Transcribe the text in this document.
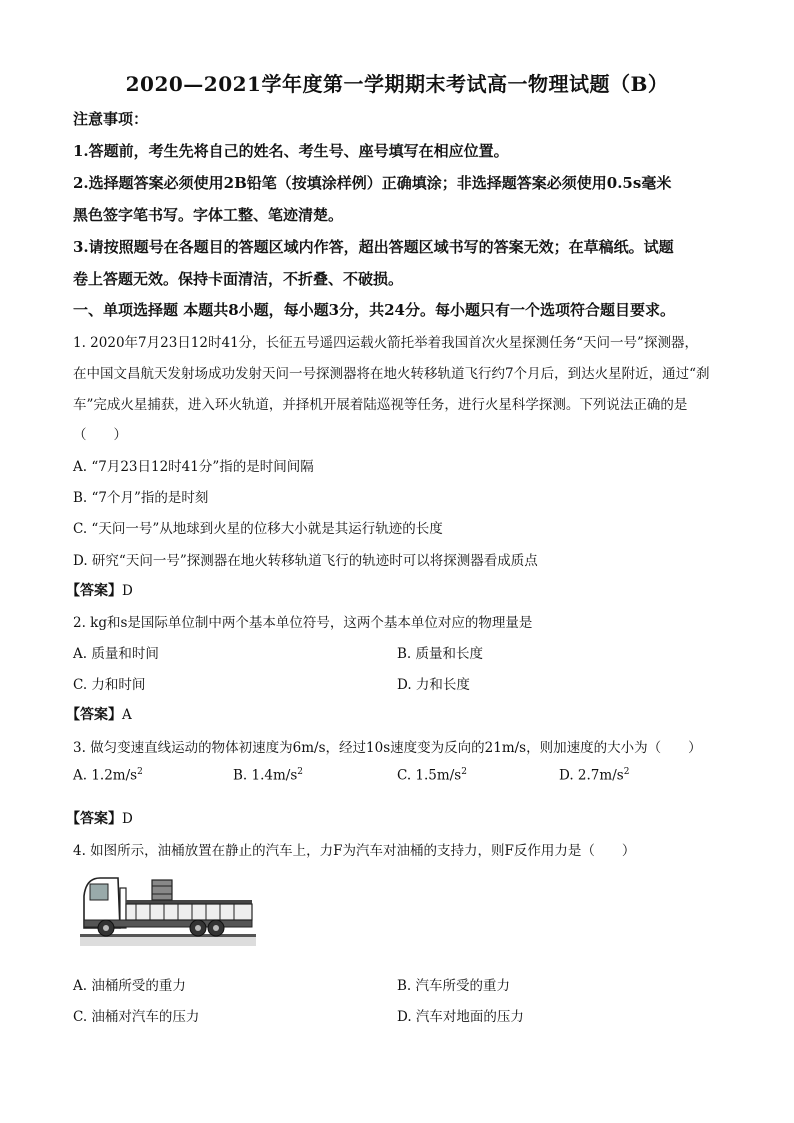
2020—2021学年度第一学期期末考试高一物理试题（B）
注意事项：
1.答题前，考生先将自己的姓名、考生号、座号填写在相应位置。
2.选择题答案必须使用2B铅笔（按填涂样例）正确填涂；非选择题答案必须使用0.5s毫米
黑色签字笔书写。字体工整、笔迹清楚。
3.请按照题号在各题目的答题区域内作答，超出答题区域书写的答案无效；在草稿纸。试题
卷上答题无效。保持卡面清洁，不折叠、不破损。
一、单项选择题 本题共8小题，每小题3分，共24分。每小题只有一个选项符合题目要求。
1. 2020年7月23日12时41分，长征五号遥四运载火箭托举着我国首次火星探测任务“天问一号”探测器，
在中国文昌航天发射场成功发射天问一号探测器将在地火转移轨道飞行约7个月后，到达火星附近，通过“刹
车”完成火星捕获，进入环火轨道，并择机开展着陆巡视等任务，进行火星科学探测。下列说法正确的是
（　　）
A. “7月23日12时41分”指的是时间间隔
B. “7个月”指的是时刻
C. “天问一号”从地球到火星的位移大小就是其运行轨迹的长度
D. 研究“天问一号”探测器在地火转移轨道飞行的轨迹时可以将探测器看成质点
【答案】D
2. kg和s是国际单位制中两个基本单位符号，这两个基本单位对应的物理量是
A. 质量和时间	B. 质量和长度
C. 力和时间	D. 力和长度
【答案】A
3. 做匀变速直线运动的物体初速度为6m/s，经过10s速度变为反向的21m/s，则加速度的大小为（　　）
A. $1.2m/s^2$	B. $1.4m/s^2$	C. $1.5m/s^2$	D. $2.7m/s^2$
【答案】D
4. 如图所示，油桶放置在静止的汽车上，力F为汽车对油桶的支持力，则F反作用力是（　　）
A. 油桶所受的重力	B. 汽车所受的重力
C. 油桶对汽车的压力	D. 汽车对地面的压力
